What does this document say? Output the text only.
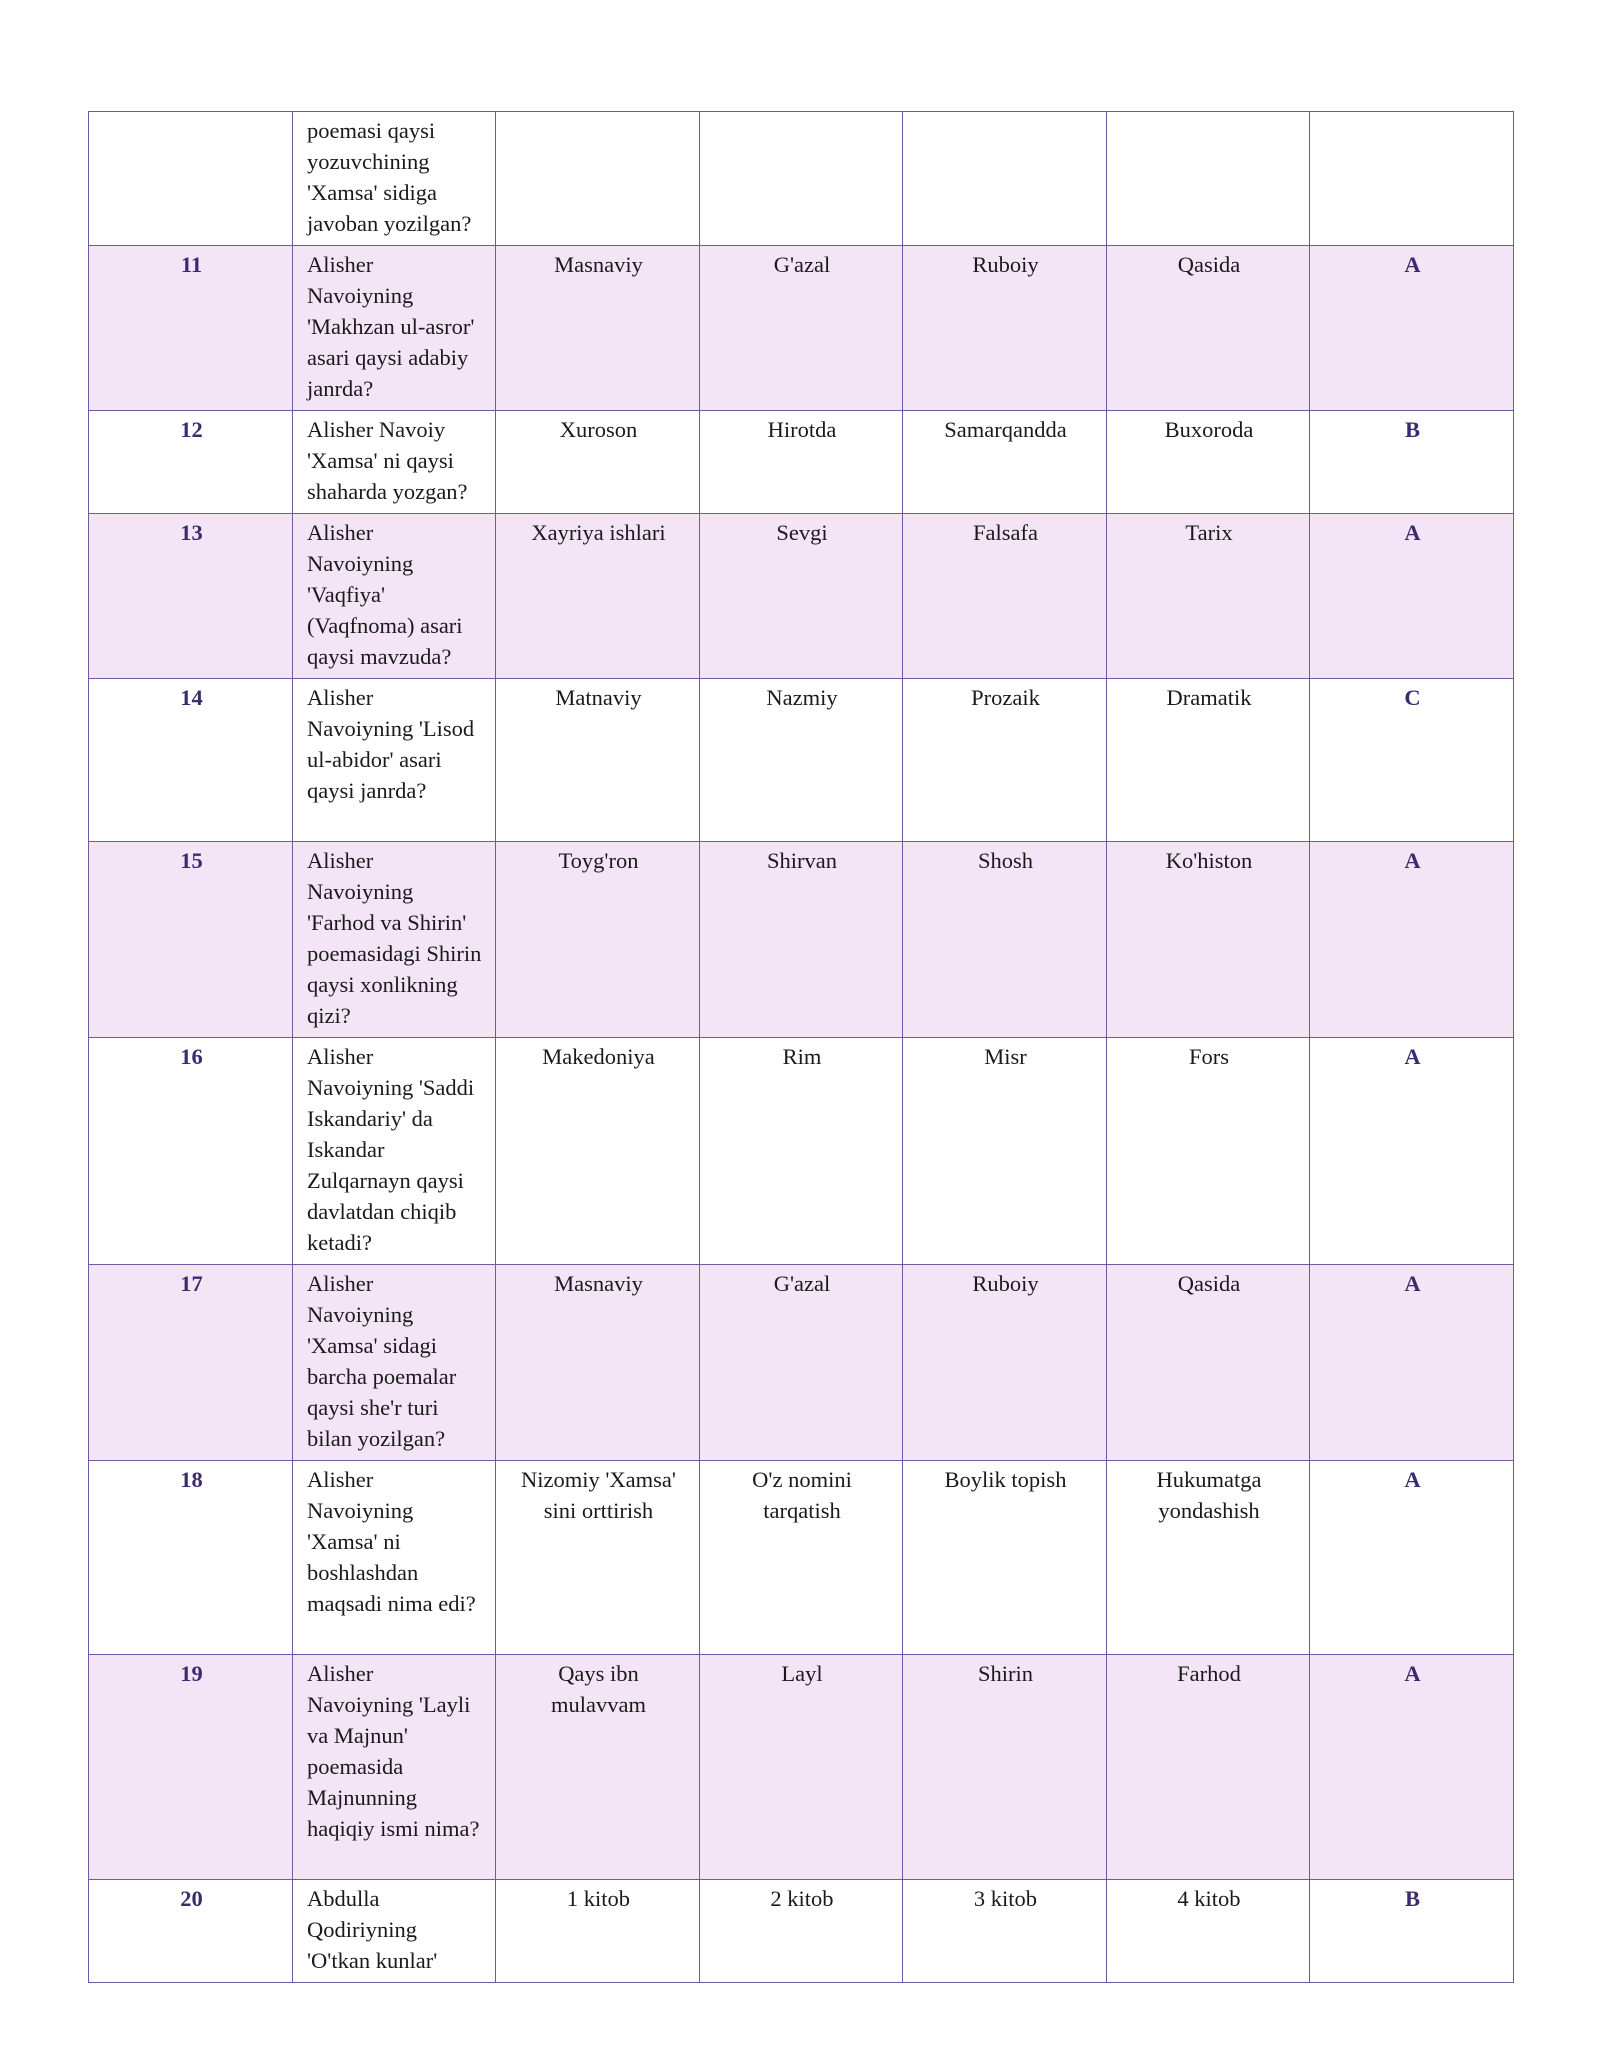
	poemasi qaysi yozuvchining 'Xamsa' sidiga javoban yozilgan?					
11	Alisher Navoiyning 'Makhzan ul-asror' asari qaysi adabiy janrda?	Masnaviy	G'azal	Ruboiy	Qasida	A
12	Alisher Navoiy 'Xamsa' ni qaysi shaharda yozgan?	Xuroson	Hirotda	Samarqandda	Buxoroda	B
13	Alisher Navoiyning 'Vaqfiya' (Vaqfnoma) asari qaysi mavzuda?	Xayriya ishlari	Sevgi	Falsafa	Tarix	A
14	Alisher Navoiyning 'Lisod ul-abidor' asari qaysi janrda?	Matnaviy	Nazmiy	Prozaik	Dramatik	C
15	Alisher Navoiyning 'Farhod va Shirin' poemasidagi Shirin qaysi xonlikning qizi?	Toyg'ron	Shirvan	Shosh	Ko'histon	A
16	Alisher Navoiyning 'Saddi Iskandariy' da Iskandar Zulqarnayn qaysi davlatdan chiqib ketadi?	Makedoniya	Rim	Misr	Fors	A
17	Alisher Navoiyning 'Xamsa' sidagi barcha poemalar qaysi she'r turi bilan yozilgan?	Masnaviy	G'azal	Ruboiy	Qasida	A
18	Alisher Navoiyning 'Xamsa' ni boshlashdan maqsadi nima edi?	Nizomiy 'Xamsa' sini orttirish	O'z nomini tarqatish	Boylik topish	Hukumatga yondashish	A
19	Alisher Navoiyning 'Layli va Majnun' poemasida Majnunning haqiqiy ismi nima?	Qays ibn mulavvam	Layl	Shirin	Farhod	A
20	Abdulla Qodiriyning 'O'tkan kunlar'	1 kitob	2 kitob	3 kitob	4 kitob	B
